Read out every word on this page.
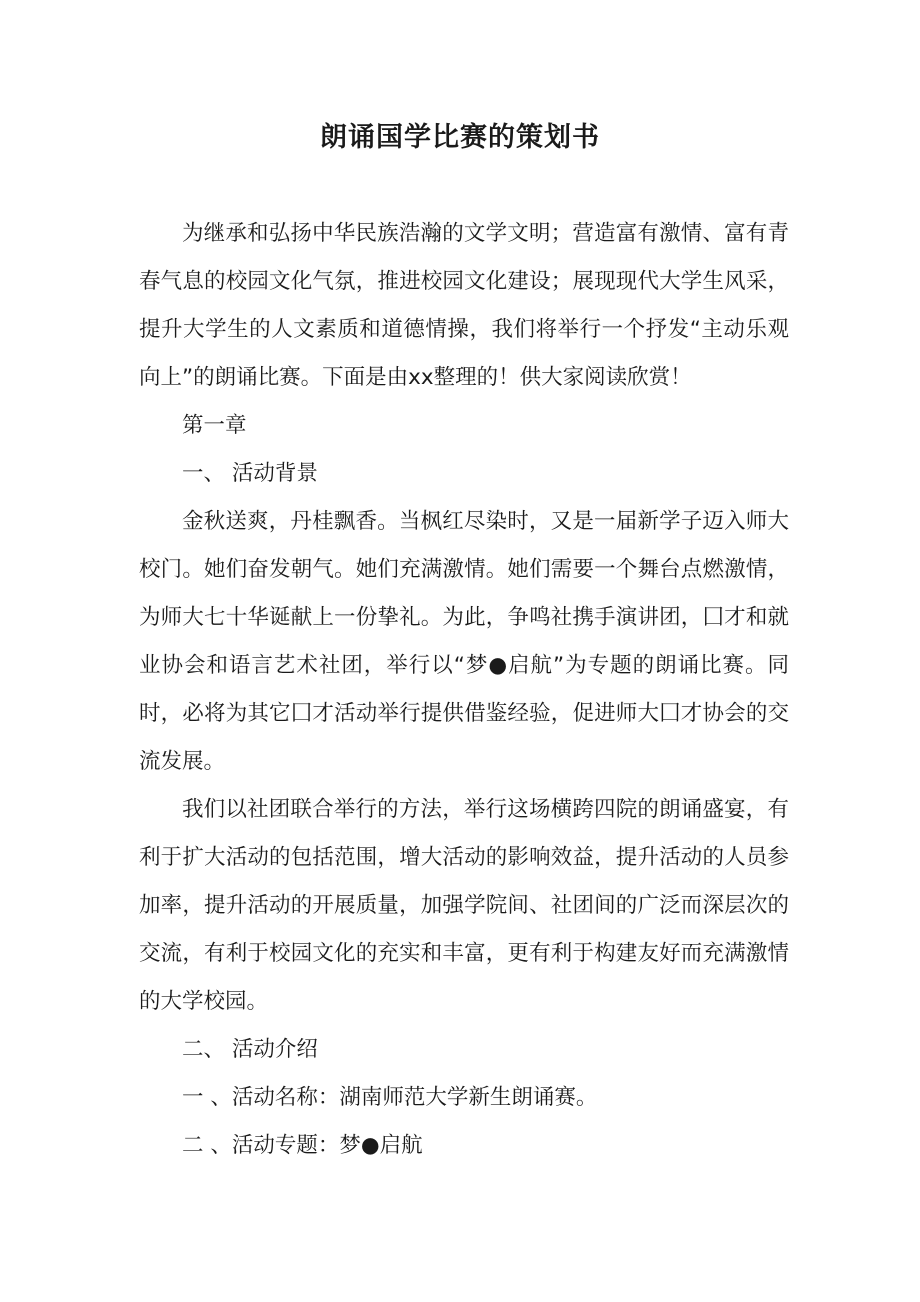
朗诵国学比赛的策划书

为继承和弘扬中华民族浩瀚的文学文明；营造富有激情、富有青春气息的校园文化气氛，推进校园文化建设；展现现代大学生风采，提升大学生的人文素质和道德情操，我们将举行一个抒发“主动乐观向上”的朗诵比赛。下面是由xx整理的！供大家阅读欣赏！

第一章

一、 活动背景

金秋送爽，丹桂飘香。当枫红尽染时，又是一届新学子迈入师大校门。她们奋发朝气。她们充满激情。她们需要一个舞台点燃激情，为师大七十华诞献上一份挚礼。为此，争鸣社携手演讲团，囗才和就业协会和语言艺术社团，举行以“梦●启航”为专题的朗诵比赛。同时，必将为其它囗才活动举行提供借鉴经验，促进师大囗才协会的交流发展。

我们以社团联合举行的方法，举行这场横跨四院的朗诵盛宴，有利于扩大活动的包括范围，增大活动的影响效益，提升活动的人员参加率，提升活动的开展质量，加强学院间、社团间的广泛而深层次的交流，有利于校园文化的充实和丰富，更有利于构建友好而充满激情的大学校园。

二、 活动介绍

一 、活动名称：湖南师范大学新生朗诵赛。

二 、活动专题：梦●启航
